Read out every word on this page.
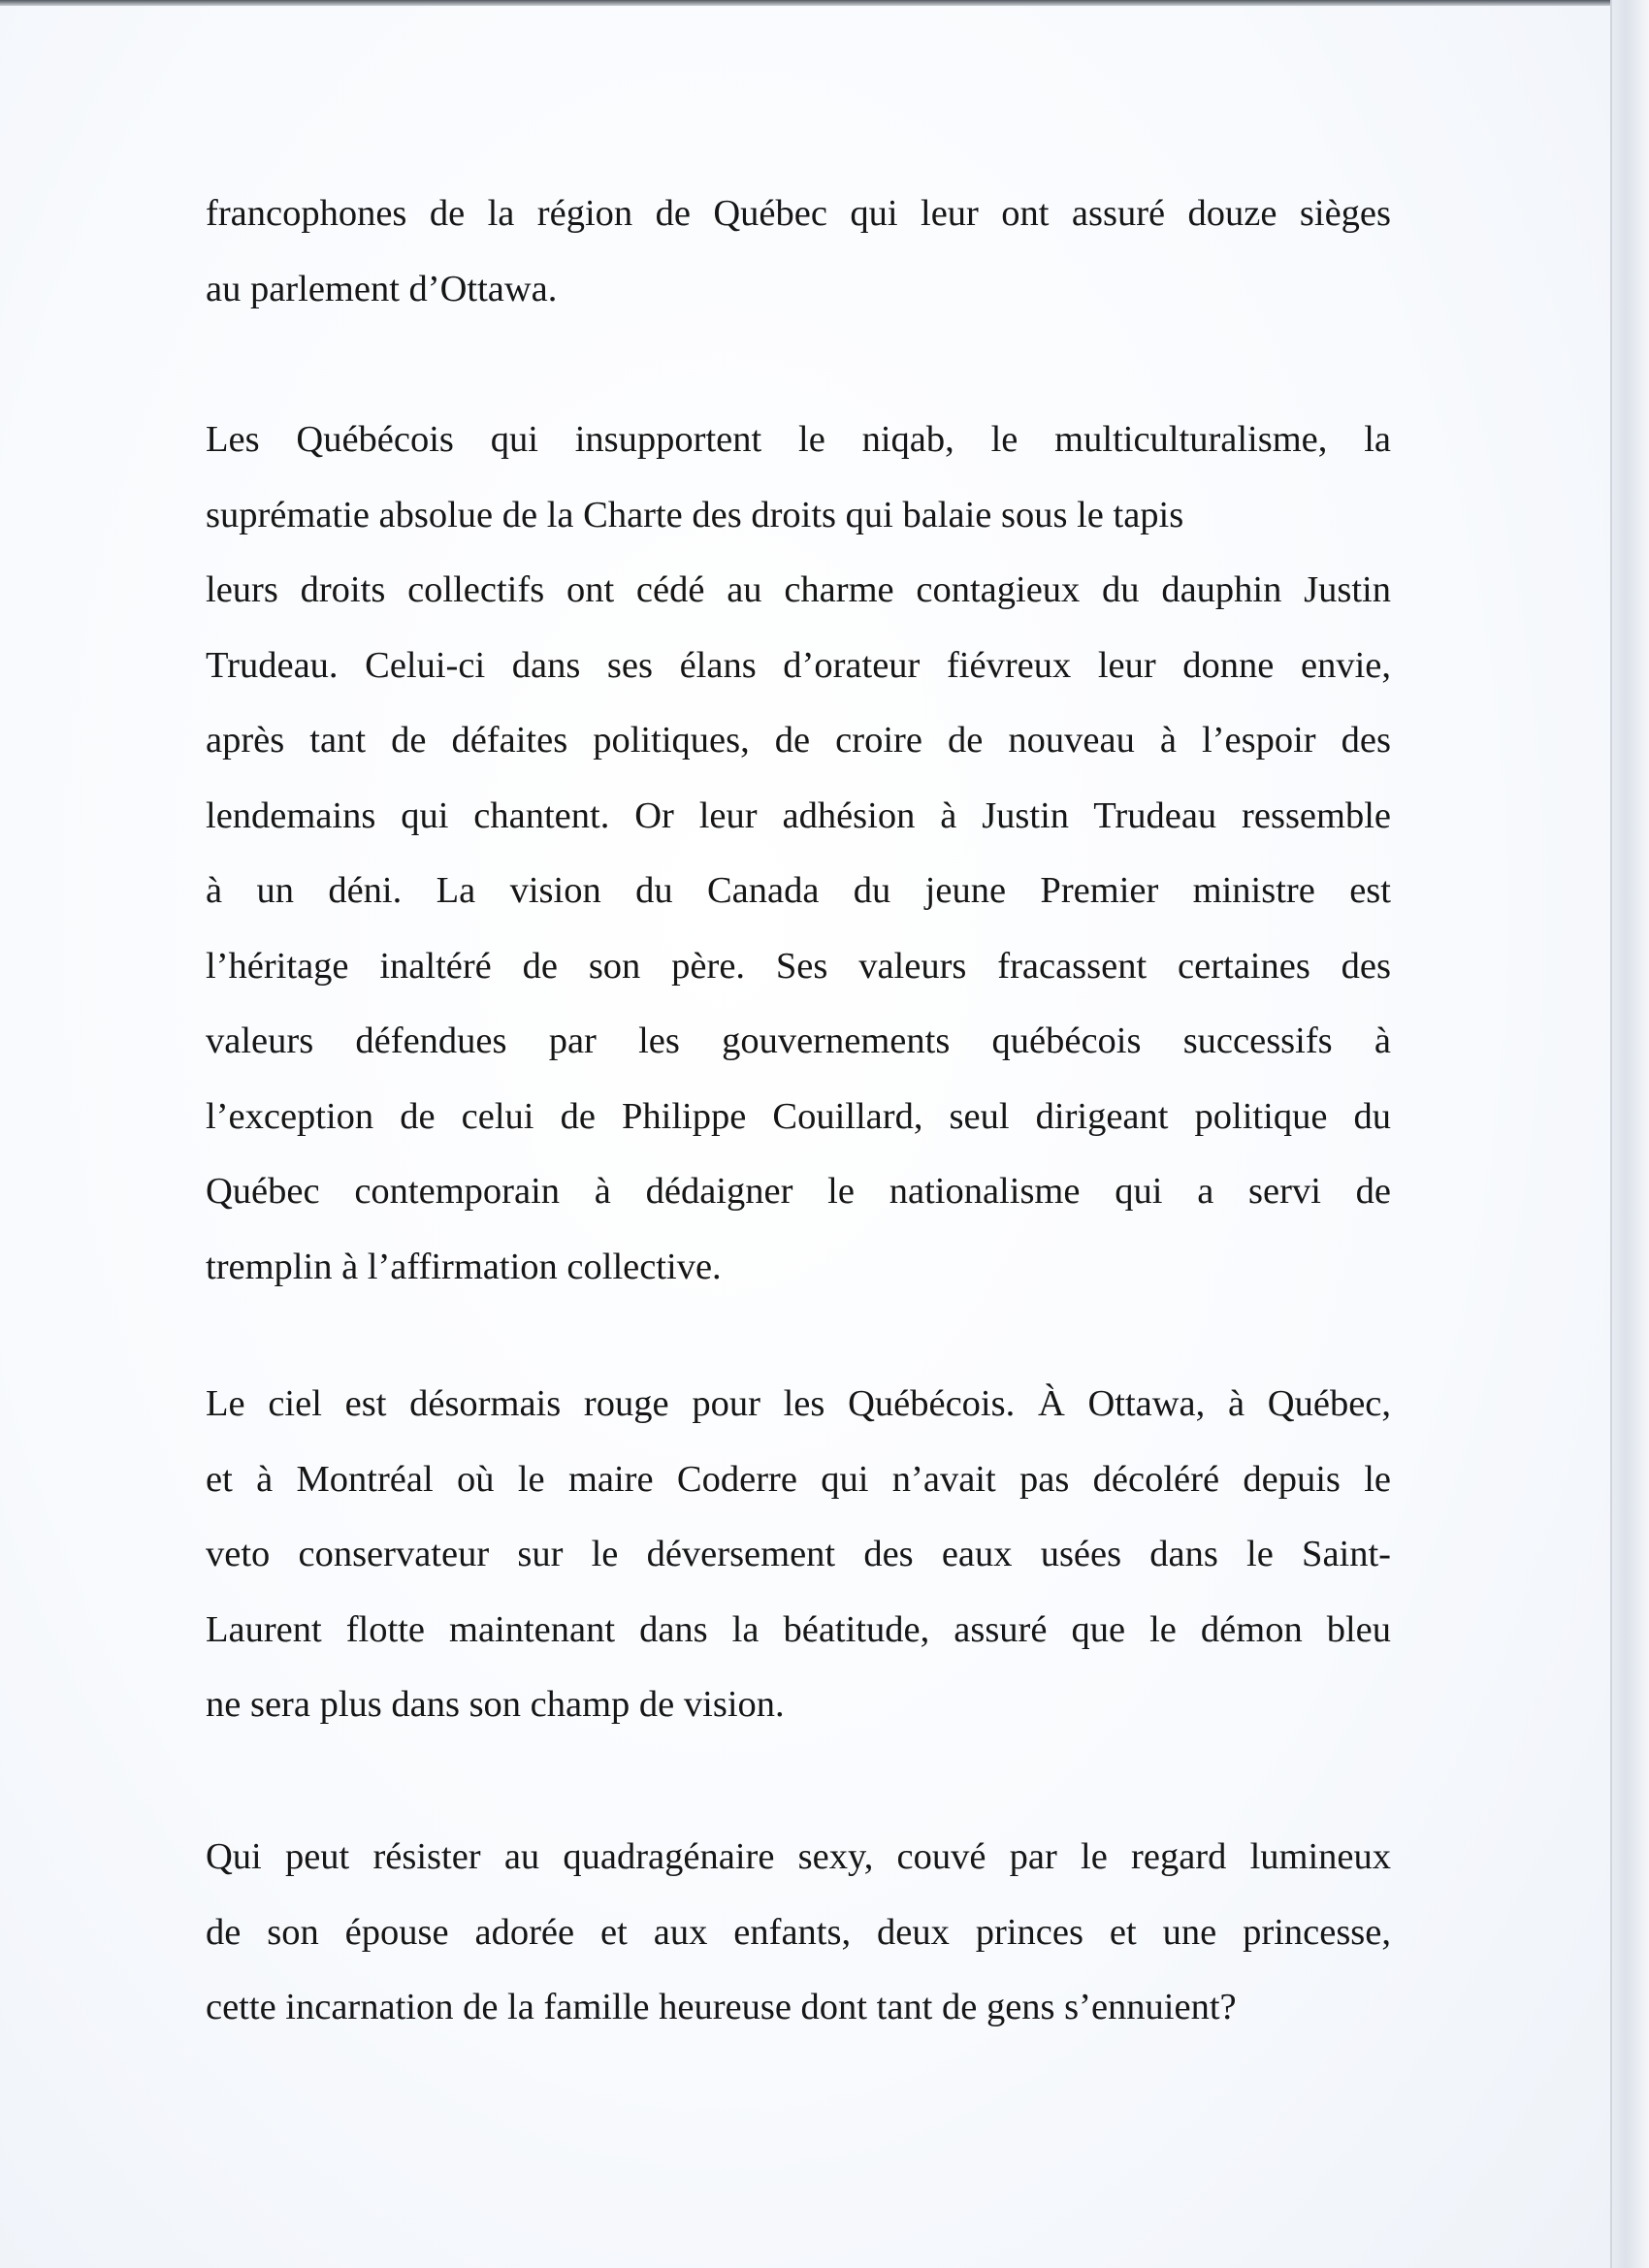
francophones de la région de Québec qui leur ont assuré douze sièges
au parlement d’Ottawa.
Les Québécois qui insupportent le niqab, le multiculturalisme, la
suprématie absolue de la Charte des droits qui balaie sous le tapis
leurs droits collectifs ont cédé au charme contagieux du dauphin Justin
Trudeau. Celui-ci dans ses élans d’orateur fiévreux leur donne envie,
après tant de défaites politiques, de croire de nouveau à l’espoir des
lendemains qui chantent. Or leur adhésion à Justin Trudeau ressemble
à un déni. La vision du Canada du jeune Premier ministre est
l’héritage inaltéré de son père. Ses valeurs fracassent certaines des
valeurs défendues par les gouvernements québécois successifs à
l’exception de celui de Philippe Couillard, seul dirigeant politique du
Québec contemporain à dédaigner le nationalisme qui a servi de
tremplin à l’affirmation collective.
Le ciel est désormais rouge pour les Québécois. À Ottawa, à Québec,
et à Montréal où le maire Coderre qui n’avait pas décoléré depuis le
veto conservateur sur le déversement des eaux usées dans le Saint-
Laurent flotte maintenant dans la béatitude, assuré que le démon bleu
ne sera plus dans son champ de vision.
Qui peut résister au quadragénaire sexy, couvé par le regard lumineux
de son épouse adorée et aux enfants, deux princes et une princesse,
cette incarnation de la famille heureuse dont tant de gens s’ennuient?
